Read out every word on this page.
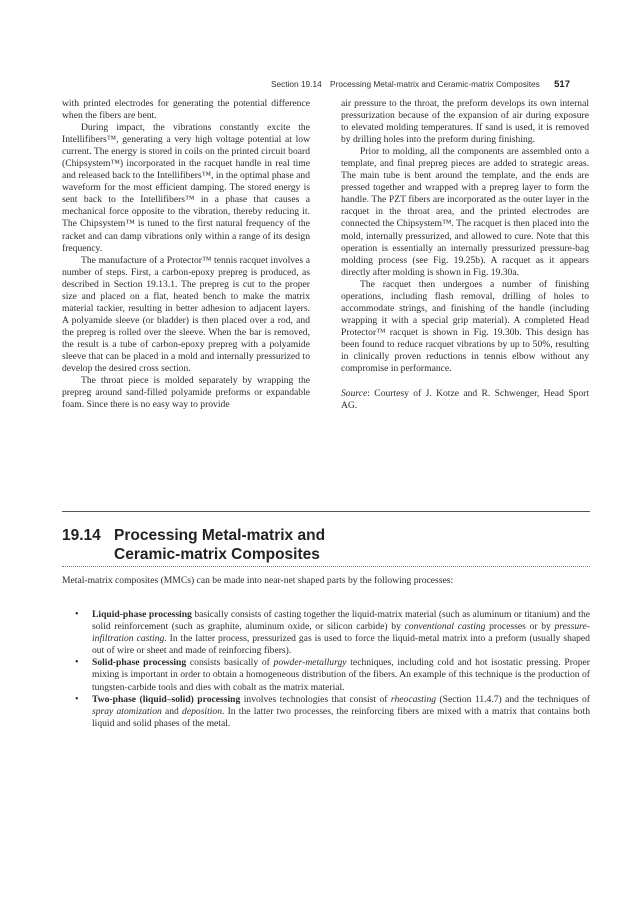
Section 19.14 Processing Metal-matrix and Ceramic-matrix Composites 517

with printed electrodes for generating the potential difference when the fibers are bent.

During impact, the vibrations constantly excite the Intellifibers™, generating a very high voltage potential at low current. The energy is stored in coils on the printed circuit board (Chipsystem™) incorporated in the racquet handle in real time and released back to the Intellifibers™, in the optimal phase and waveform for the most efficient damping. The stored energy is sent back to the Intellifibers™ in a phase that causes a mechanical force opposite to the vibration, thereby reducing it. The Chipsystem™ is tuned to the first natural frequency of the racket and can damp vibrations only within a range of its design frequency.

The manufacture of a Protector™ tennis racquet involves a number of steps. First, a carbon-epoxy prepreg is produced, as described in Section 19.13.1. The prepreg is cut to the proper size and placed on a flat, heated bench to make the matrix material tackier, resulting in better adhesion to adjacent layers. A polyamide sleeve (or bladder) is then placed over a rod, and the prepreg is rolled over the sleeve. When the bar is removed, the result is a tube of carbon-epoxy prepreg with a polyamide sleeve that can be placed in a mold and internally pressurized to develop the desired cross section.

The throat piece is molded separately by wrapping the prepreg around sand-filled polyamide preforms or expandable foam. Since there is no easy way to provide

air pressure to the throat, the preform develops its own internal pressurization because of the expansion of air during exposure to elevated molding temperatures. If sand is used, it is removed by drilling holes into the preform during finishing.

Prior to molding, all the components are assembled onto a template, and final prepreg pieces are added to strategic areas. The main tube is bent around the template, and the ends are pressed together and wrapped with a prepreg layer to form the handle. The PZT fibers are incorporated as the outer layer in the racquet in the throat area, and the printed electrodes are connected the Chipsystem™. The racquet is then placed into the mold, internally pressurized, and allowed to cure. Note that this operation is essentially an internally pressurized pressure-bag molding process (see Fig. 19.25b). A racquet as it appears directly after molding is shown in Fig. 19.30a.

The racquet then undergoes a number of finishing operations, including flash removal, drilling of holes to accommodate strings, and finishing of the handle (including wrapping it with a special grip material). A completed Head Protector™ racquet is shown in Fig. 19.30b. This design has been found to reduce racquet vibrations by up to 50%, resulting in clinically proven reductions in tennis elbow without any compromise in performance.

Source: Courtesy of J. Kotze and R. Schwenger, Head Sport AG.

19.14 Processing Metal-matrix and
Ceramic-matrix Composites

Metal-matrix composites (MMCs) can be made into near-net shaped parts by the following processes:

• Liquid-phase processing basically consists of casting together the liquid-matrix material (such as aluminum or titanium) and the solid reinforcement (such as graphite, aluminum oxide, or silicon carbide) by conventional casting processes or by pressure-infiltration casting. In the latter process, pressurized gas is used to force the liquid-metal matrix into a preform (usually shaped out of wire or sheet and made of reinforcing fibers).
• Solid-phase processing consists basically of powder-metallurgy techniques, including cold and hot isostatic pressing. Proper mixing is important in order to obtain a homogeneous distribution of the fibers. An example of this technique is the production of tungsten-carbide tools and dies with cobalt as the matrix material.
• Two-phase (liquid–solid) processing involves technologies that consist of rheocasting (Section 11.4.7) and the techniques of spray atomization and deposition. In the latter two processes, the reinforcing fibers are mixed with a matrix that contains both liquid and solid phases of the metal.
